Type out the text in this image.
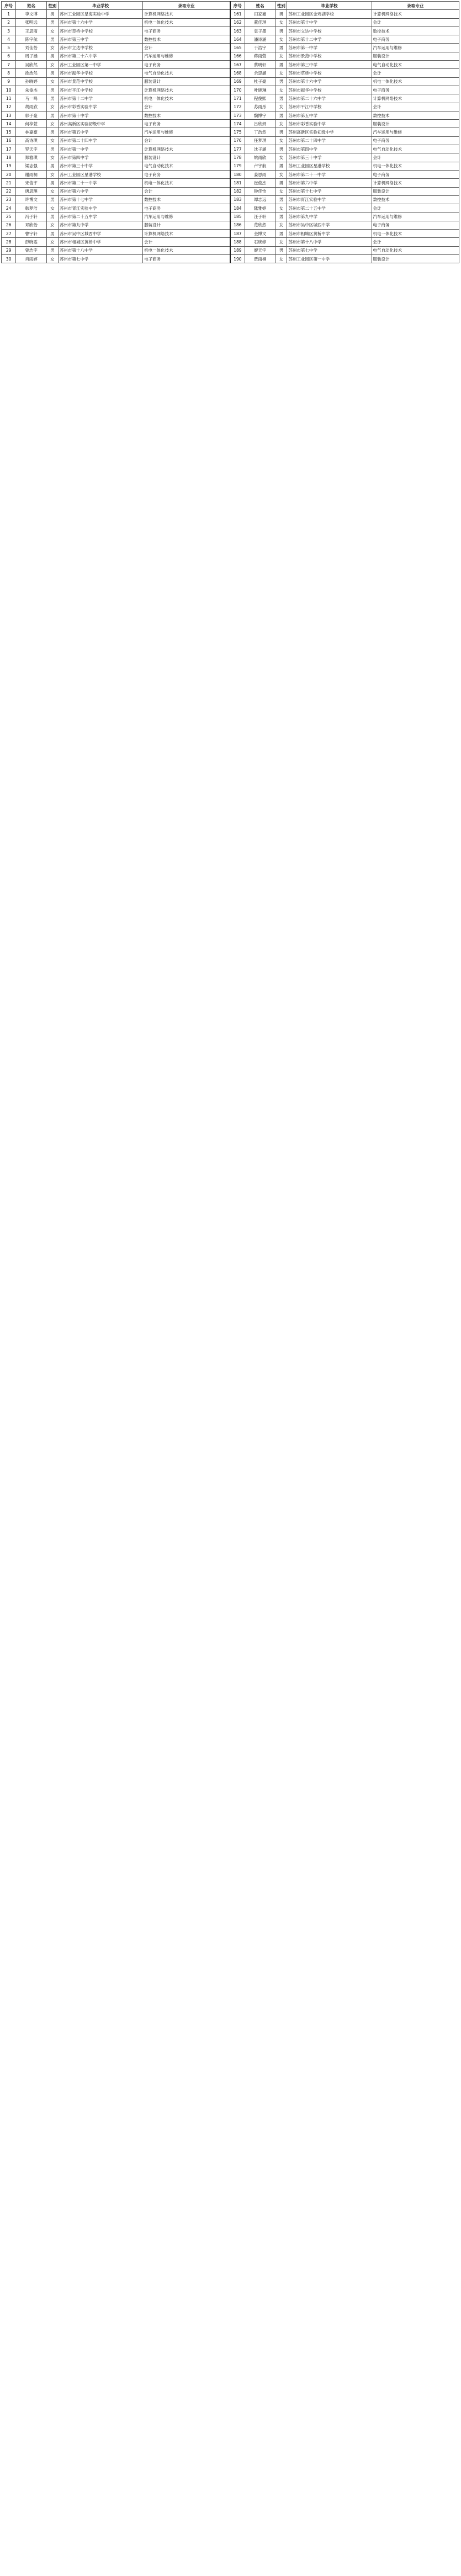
序号	姓名	性别	毕业学校	录取专业	序号	姓名	性别	毕业学校	录取专业
1	李文博	男	苏州工业园区星海实验中学	计算机网络技术	161	田家豪	男	苏州工业园区金鸡湖学校	计算机网络技术
2	张明远	男	苏州市第十六中学	机电一体化技术	162	董佳琪	女	苏州市第十中学	会计
3	王思雨	女	苏州市草桥中学校	电子商务	163	袁子墨	男	苏州市立达中学校	数控技术
4	陈宇航	男	苏州市第三中学	数控技术	164	潘诗涵	女	苏州市第十二中学	电子商务
5	刘佳怡	女	苏州市立达中学校	会计	165	于浩宇	男	苏州市第一中学	汽车运用与维修
6	周子涵	男	苏州市第二十六中学	汽车运用与维修	166	蒋雨萱	女	苏州市景范中学校	服装设计
7	吴欣然	女	苏州工业园区第一中学	电子商务	167	蔡明轩	男	苏州市第三中学	电气自动化技术
8	徐浩然	男	苏州市振华中学校	电气自动化技术	168	余思涵	女	苏州市草桥中学校	会计
9	孙晓婷	女	苏州市景范中学校	服装设计	169	杜子豪	男	苏州市第十六中学	机电一体化技术
10	朱俊杰	男	苏州市平江中学校	计算机网络技术	170	叶晓琳	女	苏州市振华中学校	电子商务
11	马一鸣	男	苏州市第十二中学	机电一体化技术	171	程俊熙	男	苏州市第二十六中学	计算机网络技术
12	胡雨欣	女	苏州市彩香实验中学	会计	172	苏雨彤	女	苏州市平江中学校	会计
13	郭子豪	男	苏州市第十中学	数控技术	173	魏博宇	男	苏州市第五中学	数控技术
14	何梓萱	女	苏州高新区实验初级中学	电子商务	174	吕欣妍	女	苏州市彩香实验中学	服装设计
15	林嘉豪	男	苏州市第五中学	汽车运用与维修	175	丁浩然	男	苏州高新区实验初级中学	汽车运用与维修
16	高诗琪	女	苏州市第二十四中学	会计	176	任梦琪	女	苏州市第二十四中学	电子商务
17	罗天宇	男	苏州市第一中学	计算机网络技术	177	沈子涵	男	苏州市第四中学	电气自动化技术
18	郑雅琪	女	苏州市第四中学	服装设计	178	姚雨欣	女	苏州市第三十中学	会计
19	梁志强	男	苏州市第三十中学	电气自动化技术	179	卢宇航	男	苏州工业园区星港学校	机电一体化技术
20	谢雨桐	女	苏州工业园区星港学校	电子商务	180	姜思雨	女	苏州市第二十一中学	电子商务
21	宋俊宇	男	苏州市第二十一中学	机电一体化技术	181	崔俊杰	男	苏州市第六中学	计算机网络技术
22	唐思琪	女	苏州市第六中学	会计	182	钟佳怡	女	苏州市第十七中学	服装设计
23	许博文	男	苏州市第十七中学	数控技术	183	谭志远	男	苏州市胥江实验中学	数控技术
24	韩梦洁	女	苏州市胥江实验中学	电子商务	184	陆雅婷	女	苏州市第二十五中学	会计
25	冯子轩	男	苏州市第二十五中学	汽车运用与维修	185	汪子轩	男	苏州市第九中学	汽车运用与维修
26	邓欣怡	女	苏州市第九中学	服装设计	186	范欣然	女	苏州市吴中区城西中学	电子商务
27	曹宇轩	男	苏州市吴中区城西中学	计算机网络技术	187	金博文	男	苏州市相城区黄桥中学	机电一体化技术
28	彭晓雯	女	苏州市相城区黄桥中学	会计	188	石晓婷	女	苏州市第十八中学	会计
29	曾浩宇	男	苏州市第十八中学	机电一体化技术	189	廖天宇	男	苏州市第七中学	电气自动化技术
30	肖雨婷	女	苏州市第七中学	电子商务	190	贾雨桐	女	苏州工业园区第一中学	服装设计
